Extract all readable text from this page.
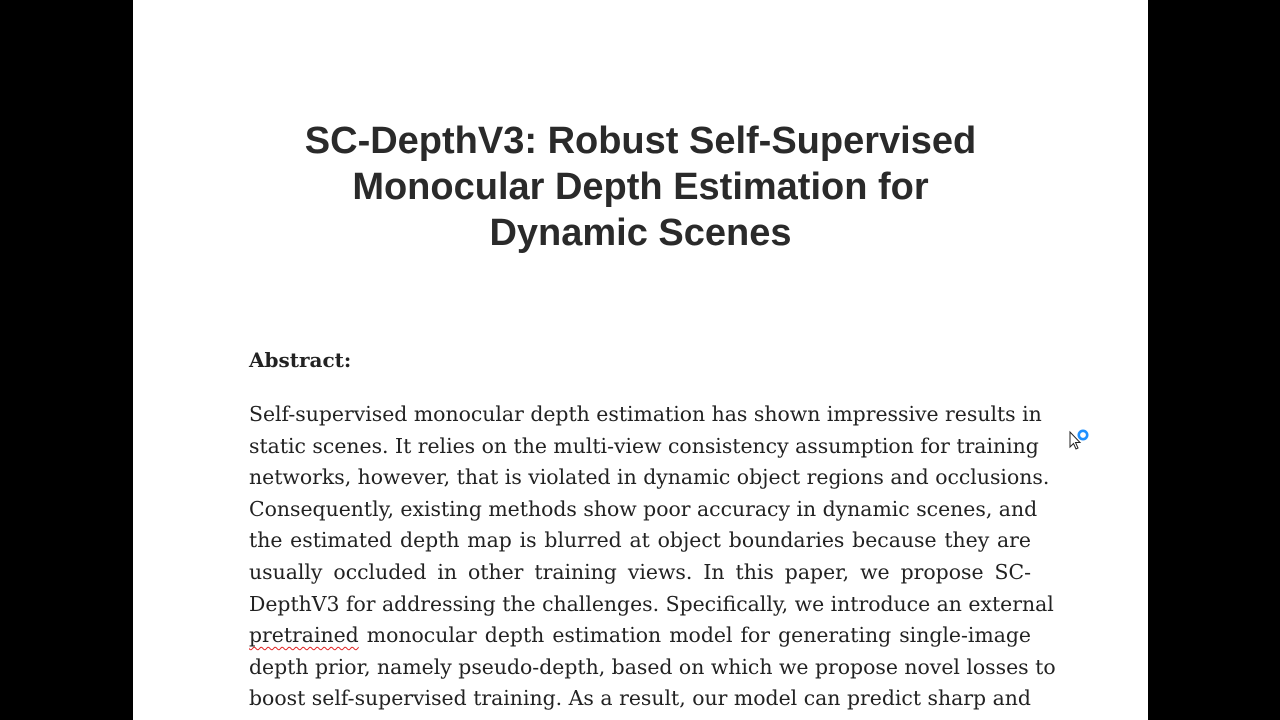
SC-DepthV3: Robust Self-Supervised
Monocular Depth Estimation for
Dynamic Scenes
Abstract:
Self-supervised monocular depth estimation has shown impressive results in
static scenes. It relies on the multi-view consistency assumption for training
networks, however, that is violated in dynamic object regions and occlusions.
Consequently, existing methods show poor accuracy in dynamic scenes, and
the estimated depth map is blurred at object boundaries because they are
usually occluded in other training views. In this paper, we propose SC-
DepthV3 for addressing the challenges. Specifically, we introduce an external
pretrained monocular depth estimation model for generating single-image
depth prior, namely pseudo-depth, based on which we propose novel losses to
boost self-supervised training. As a result, our model can predict sharp and
